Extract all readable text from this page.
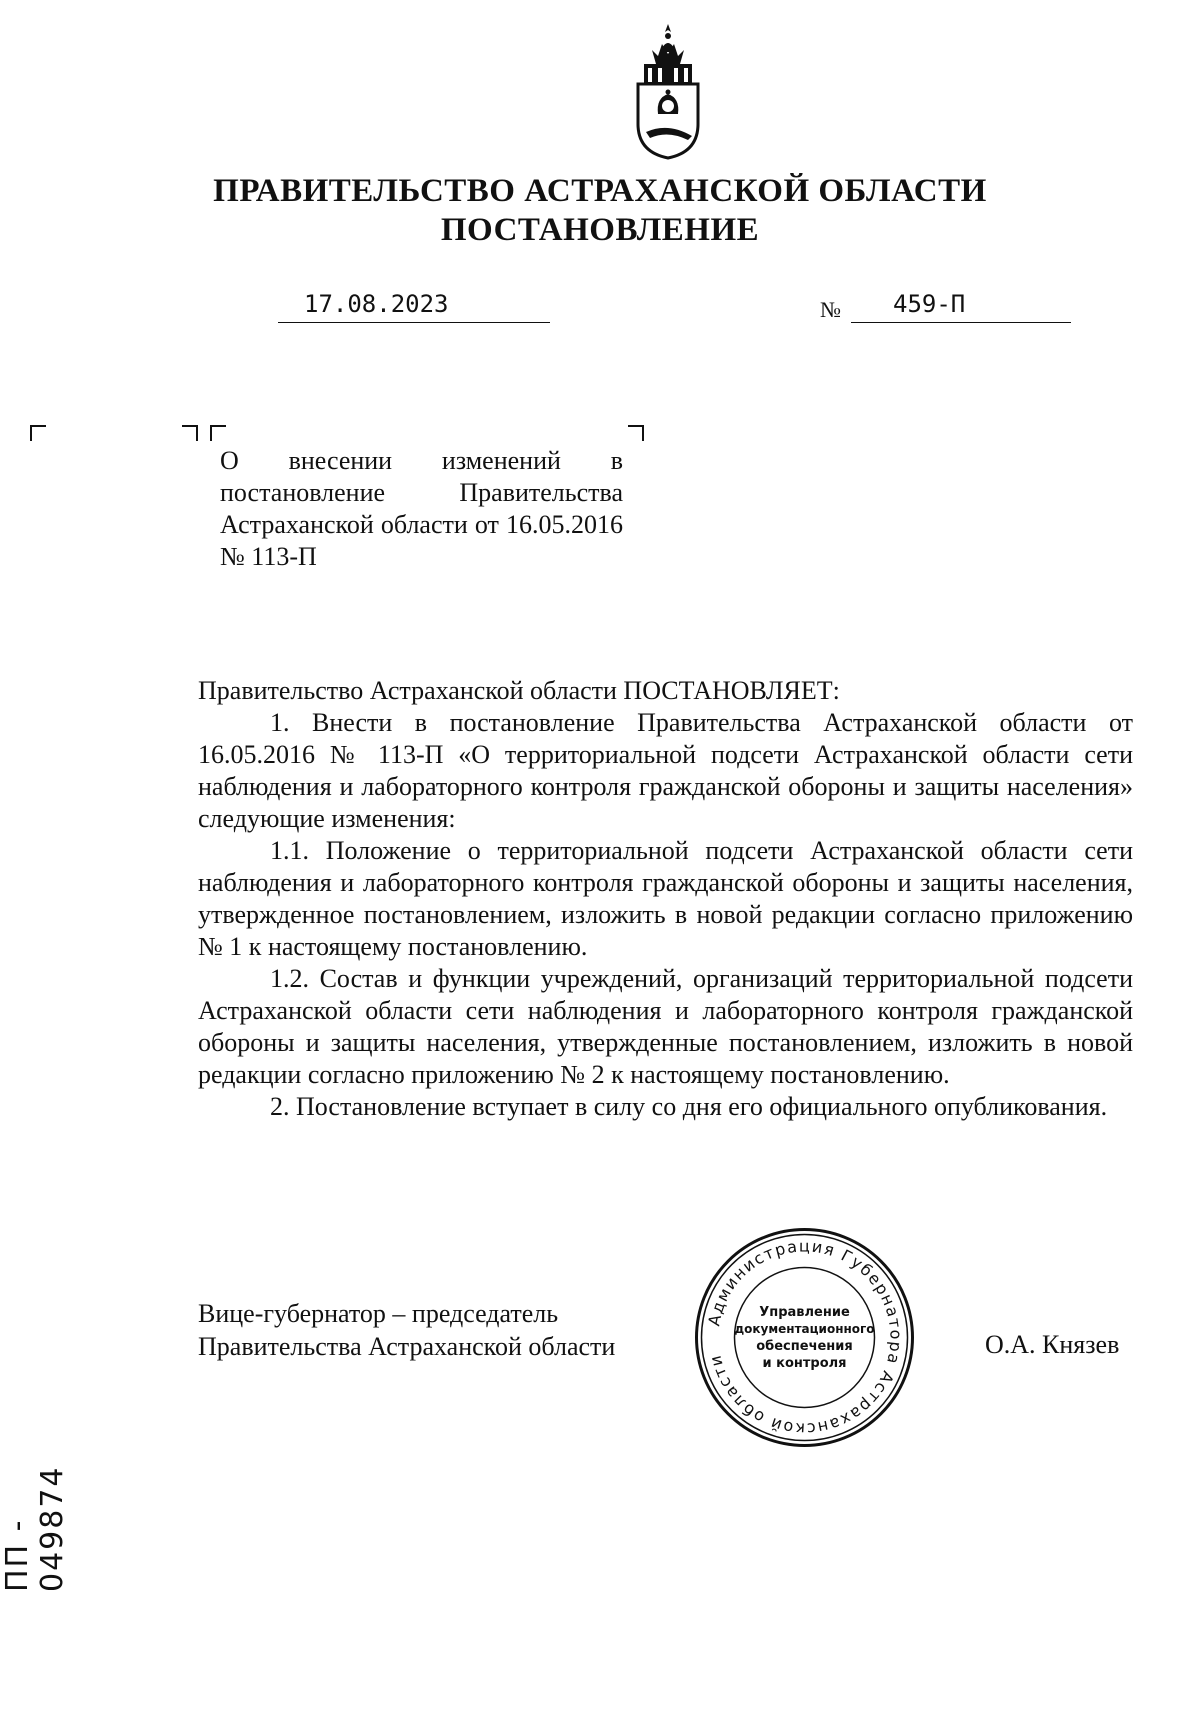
ПРАВИТЕЛЬСТВО АСТРАХАНСКОЙ ОБЛАСТИ
ПОСТАНОВЛЕНИЕ
17.08.2023	№ 459-П
О внесении изменений в постановление Правительства Астраханской области от 16.05.2016 № 113-П
Правительство Астраханской области ПОСТАНОВЛЯЕТ:

1. Внести в постановление Правительства Астраханской области от 16.05.2016 № 113-П «О территориальной подсети Астраханской области сети наблюдения и лабораторного контроля гражданской обороны и защиты населения» следующие изменения:

1.1. Положение о территориальной подсети Астраханской области сети наблюдения и лабораторного контроля гражданской обороны и защиты населения, утвержденное постановлением, изложить в новой редакции согласно приложению № 1 к настоящему постановлению.

1.2. Состав и функции учреждений, организаций территориальной подсети Астраханской области сети наблюдения и лабораторного контроля гражданской обороны и защиты населения, утвержденные постановлением, изложить в новой редакции согласно приложению № 2 к настоящему постановлению.

2. Постановление вступает в силу со дня его официального опубликования.

Вице-губернатор – председатель
Правительства Астраханской области	О.А. Князев
Администрация Губернатора Астраханской области
Управление
документационного
обеспечения
и контроля
ПП - 049874
